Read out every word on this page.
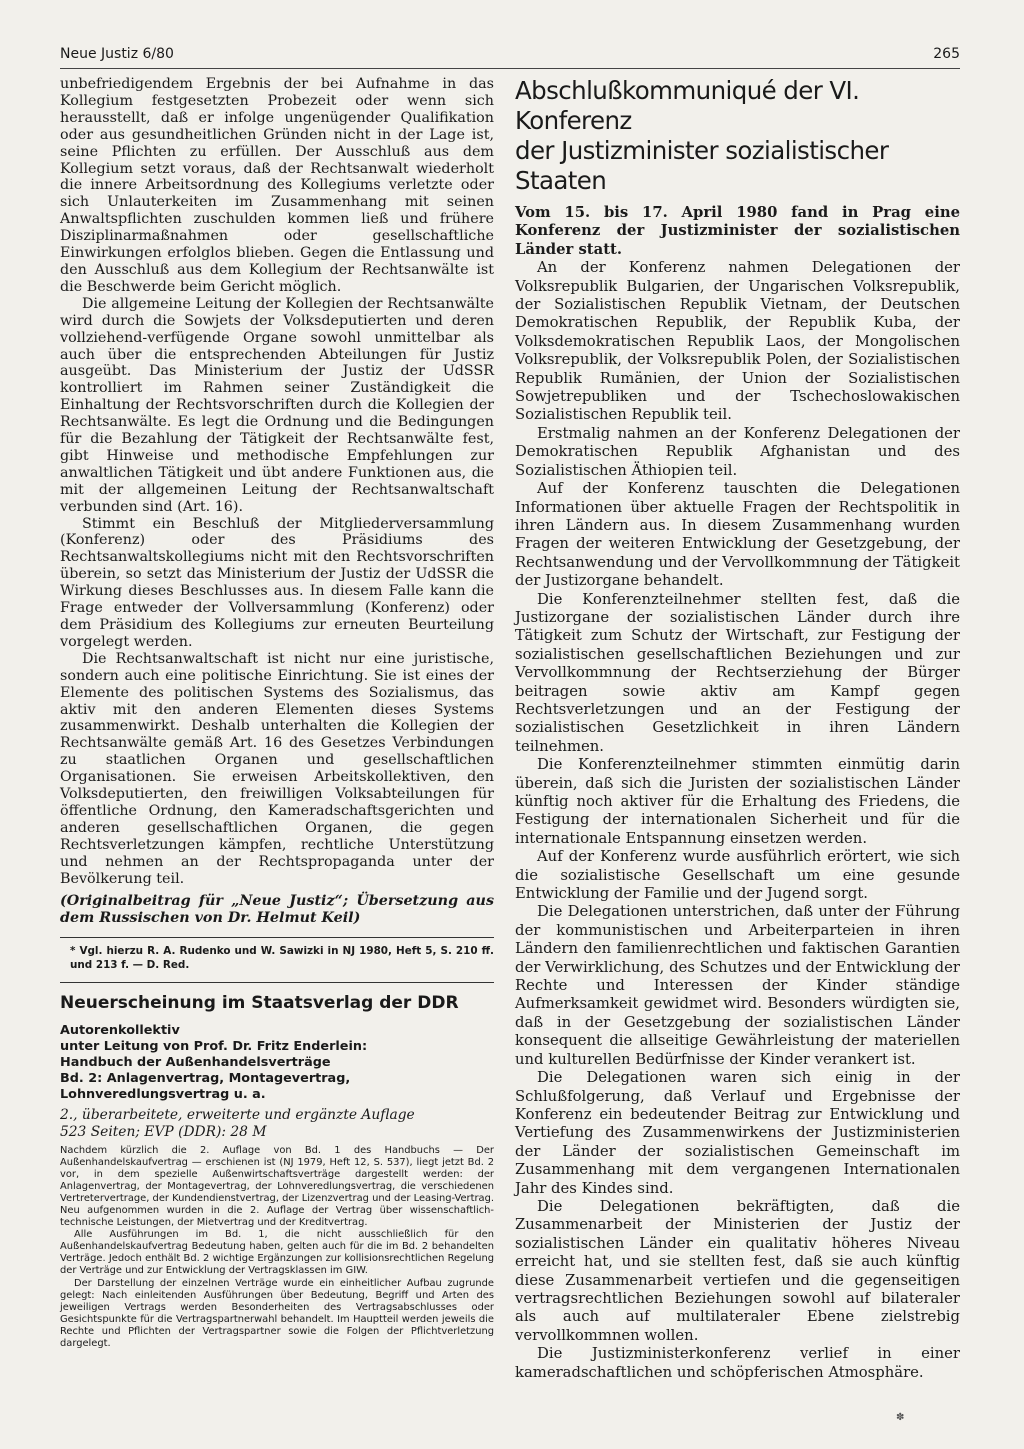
Neue Justiz 6/80	265

unbefriedigendem Ergebnis der bei Aufnahme in das Kollegium festgesetzten Probezeit oder wenn sich herausstellt, daß er infolge ungenügender Qualifikation oder aus gesundheitlichen Gründen nicht in der Lage ist, seine Pflichten zu erfüllen. Der Ausschluß aus dem Kollegium setzt voraus, daß der Rechtsanwalt wiederholt die innere Arbeitsordnung des Kollegiums verletzte oder sich Unlauterkeiten im Zusammenhang mit seinen Anwaltspflichten zuschulden kommen ließ und frühere Disziplinarmaßnahmen oder gesellschaftliche Einwirkungen erfolglos blieben. Gegen die Entlassung und den Ausschluß aus dem Kollegium der Rechtsanwälte ist die Beschwerde beim Gericht möglich.

Die allgemeine Leitung der Kollegien der Rechtsanwälte wird durch die Sowjets der Volksdeputierten und deren vollziehend-verfügende Organe sowohl unmittelbar als auch über die entsprechenden Abteilungen für Justiz ausgeübt. Das Ministerium der Justiz der UdSSR kontrolliert im Rahmen seiner Zuständigkeit die Einhaltung der Rechtsvorschriften durch die Kollegien der Rechtsanwälte. Es legt die Ordnung und die Bedingungen für die Bezahlung der Tätigkeit der Rechtsanwälte fest, gibt Hinweise und methodische Empfehlungen zur anwaltlichen Tätigkeit und übt andere Funktionen aus, die mit der allgemeinen Leitung der Rechtsanwaltschaft verbunden sind (Art. 16).

Stimmt ein Beschluß der Mitgliederversammlung (Konferenz) oder des Präsidiums des Rechtsanwaltskollegiums nicht mit den Rechtsvorschriften überein, so setzt das Ministerium der Justiz der UdSSR die Wirkung dieses Beschlusses aus. In diesem Falle kann die Frage entweder der Vollversammlung (Konferenz) oder dem Präsidium des Kollegiums zur erneuten Beurteilung vorgelegt werden.

Die Rechtsanwaltschaft ist nicht nur eine juristische, sondern auch eine politische Einrichtung. Sie ist eines der Elemente des politischen Systems des Sozialismus, das aktiv mit den anderen Elementen dieses Systems zusammenwirkt. Deshalb unterhalten die Kollegien der Rechtsanwälte gemäß Art. 16 des Gesetzes Verbindungen zu staatlichen Organen und gesellschaftlichen Organisationen. Sie erweisen Arbeitskollektiven, den Volksdeputierten, den freiwilligen Volksabteilungen für öffentliche Ordnung, den Kameradschaftsgerichten und anderen gesellschaftlichen Organen, die gegen Rechtsverletzungen kämpfen, rechtliche Unterstützung und nehmen an der Rechtspropaganda unter der Bevölkerung teil.

(Originalbeitrag für „Neue Justiz“; Übersetzung aus dem Russischen von Dr. Helmut Keil)

* Vgl. hierzu R. A. Rudenko und W. Sawizki in NJ 1980, Heft 5, S. 210 ff. und 213 f. — D. Red.
Neuerscheinung im Staatsverlag der DDR
Autorenkollektiv
unter Leitung von Prof. Dr. Fritz Enderlein:
Handbuch der Außenhandelsverträge
Bd. 2: Anlagenvertrag, Montagevertrag,
Lohnveredlungsvertrag u. a.
2., überarbeitete, erweiterte und ergänzte Auflage
523 Seiten; EVP (DDR): 28 M

Nachdem kürzlich die 2. Auflage von Bd. 1 des Handbuchs — Der Außenhandelskaufvertrag — erschienen ist (NJ 1979, Heft 12, S. 537), liegt jetzt Bd. 2 vor, in dem spezielle Außenwirtschaftsverträge dargestellt werden: der Anlagenvertrag, der Montagevertrag, der Lohnveredlungsvertrag, die verschiedenen Vertretervertrage, der Kundendienstvertrag, der Lizenzvertrag und der Leasing-Vertrag. Neu aufgenommen wurden in die 2. Auflage der Vertrag über wissenschaftlich-technische Leistungen, der Mietvertrag und der Kreditvertrag.

Alle Ausführungen im Bd. 1, die nicht ausschließlich für den Außenhandelskaufvertrag Bedeutung haben, gelten auch für die im Bd. 2 behandelten Verträge. Jedoch enthält Bd. 2 wichtige Ergänzungen zur kollisionsrechtlichen Regelung der Verträge und zur Entwicklung der Vertragsklassen im GIW.

Der Darstellung der einzelnen Verträge wurde ein einheitlicher Aufbau zugrunde gelegt: Nach einleitenden Ausführungen über Bedeutung, Begriff und Arten des jeweiligen Vertrags werden Besonderheiten des Vertragsabschlusses oder Gesichtspunkte für die Vertragspartnerwahl behandelt. Im Hauptteil werden jeweils die Rechte und Pflichten der Vertragspartner sowie die Folgen der Pflichtverletzung dargelegt.

Abschlußkommuniqué der VI. Konferenz
der Justizminister sozialistischer Staaten

Vom 15. bis 17. April 1980 fand in Prag eine Konferenz der Justizminister der sozialistischen Länder statt.

An der Konferenz nahmen Delegationen der Volksrepublik Bulgarien, der Ungarischen Volksrepublik, der Sozialistischen Republik Vietnam, der Deutschen Demokratischen Republik, der Republik Kuba, der Volksdemokratischen Republik Laos, der Mongolischen Volksrepublik, der Volksrepublik Polen, der Sozialistischen Republik Rumänien, der Union der Sozialistischen Sowjetrepubliken und der Tschechoslowakischen Sozialistischen Republik teil.

Erstmalig nahmen an der Konferenz Delegationen der Demokratischen Republik Afghanistan und des Sozialistischen Äthiopien teil.

Auf der Konferenz tauschten die Delegationen Informationen über aktuelle Fragen der Rechtspolitik in ihren Ländern aus. In diesem Zusammenhang wurden Fragen der weiteren Entwicklung der Gesetzgebung, der Rechtsanwendung und der Vervollkommnung der Tätigkeit der Justizorgane behandelt.

Die Konferenzteilnehmer stellten fest, daß die Justizorgane der sozialistischen Länder durch ihre Tätigkeit zum Schutz der Wirtschaft, zur Festigung der sozialistischen gesellschaftlichen Beziehungen und zur Vervollkommnung der Rechtserziehung der Bürger beitragen sowie aktiv am Kampf gegen Rechtsverletzungen und an der Festigung der sozialistischen Gesetzlichkeit in ihren Ländern teilnehmen.

Die Konferenzteilnehmer stimmten einmütig darin überein, daß sich die Juristen der sozialistischen Länder künftig noch aktiver für die Erhaltung des Friedens, die Festigung der internationalen Sicherheit und für die internationale Entspannung einsetzen werden.

Auf der Konferenz wurde ausführlich erörtert, wie sich die sozialistische Gesellschaft um eine gesunde Entwicklung der Familie und der Jugend sorgt.

Die Delegationen unterstrichen, daß unter der Führung der kommunistischen und Arbeiterparteien in ihren Ländern den familienrechtlichen und faktischen Garantien der Verwirklichung, des Schutzes und der Entwicklung der Rechte und Interessen der Kinder ständige Aufmerksamkeit gewidmet wird. Besonders würdigten sie, daß in der Gesetzgebung der sozialistischen Länder konsequent die allseitige Gewährleistung der materiellen und kulturellen Bedürfnisse der Kinder verankert ist.

Die Delegationen waren sich einig in der Schlußfolgerung, daß Verlauf und Ergebnisse der Konferenz ein bedeutender Beitrag zur Entwicklung und Vertiefung des Zusammenwirkens der Justizministerien der Länder der sozialistischen Gemeinschaft im Zusammenhang mit dem vergangenen Internationalen Jahr des Kindes sind.

Die Delegationen bekräftigten, daß die Zusammenarbeit der Ministerien der Justiz der sozialistischen Länder ein qualitativ höheres Niveau erreicht hat, und sie stellten fest, daß sie auch künftig diese Zusammenarbeit vertiefen und die gegenseitigen vertragsrechtlichen Beziehungen sowohl auf bilateraler als auch auf multilateraler Ebene zielstrebig vervollkommnen wollen.

Die Justizministerkonferenz verlief in einer kameradschaftlichen und schöpferischen Atmosphäre.

✽
